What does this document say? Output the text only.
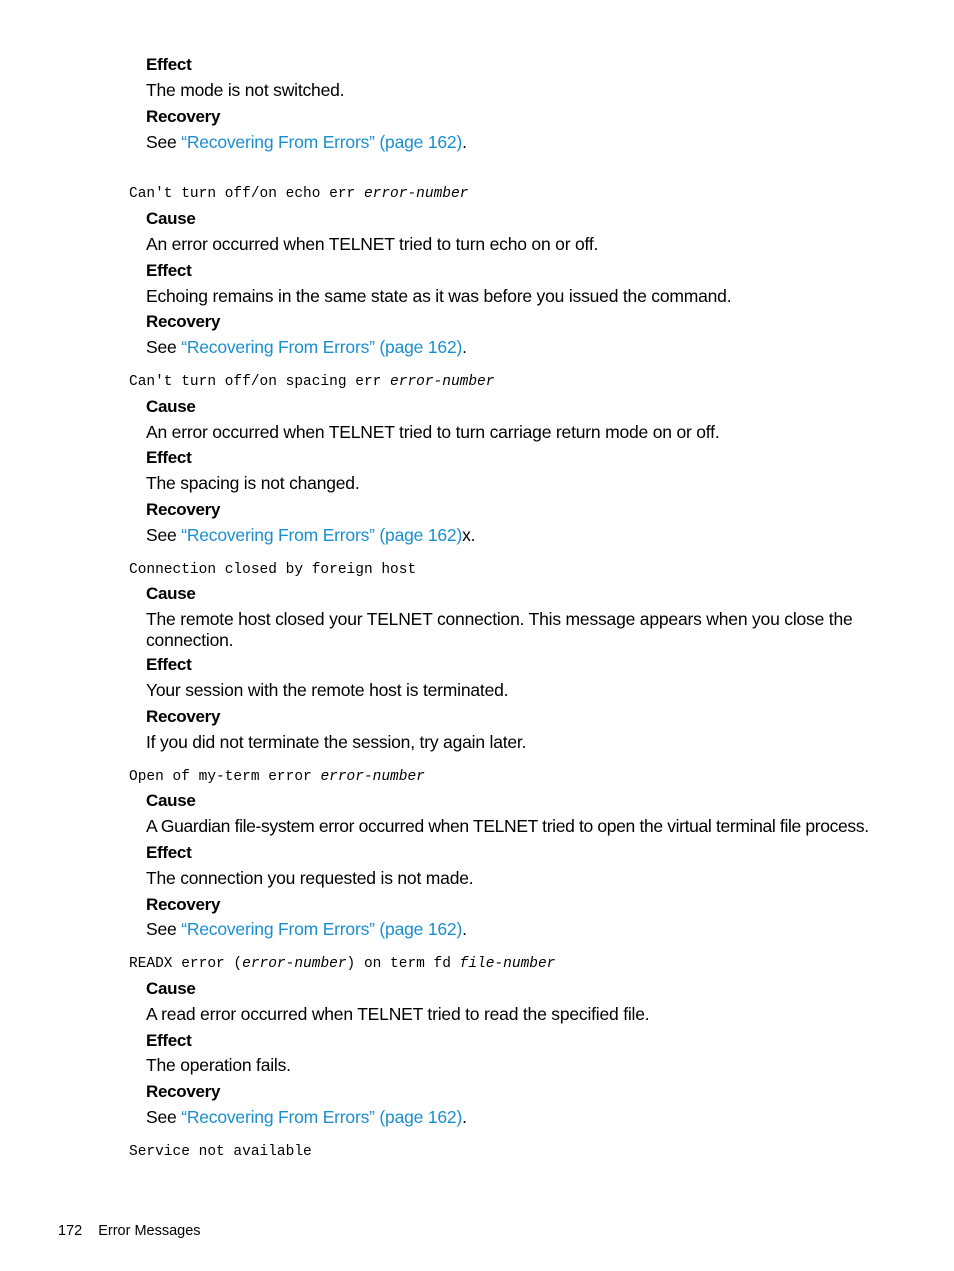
Effect
The mode is not switched.
Recovery
See “Recovering From Errors” (page 162).
Can't turn off/on echo err error-number
Cause
An error occurred when TELNET tried to turn echo on or off.
Effect
Echoing remains in the same state as it was before you issued the command.
Recovery
See “Recovering From Errors” (page 162).
Can't turn off/on spacing err error-number
Cause
An error occurred when TELNET tried to turn carriage return mode on or off.
Effect
The spacing is not changed.
Recovery
See “Recovering From Errors” (page 162)x.
Connection closed by foreign host
Cause
The remote host closed your TELNET connection. This message appears when you close the connection.
Effect
Your session with the remote host is terminated.
Recovery
If you did not terminate the session, try again later.
Open of my-term error error-number
Cause
A Guardian file-system error occurred when TELNET tried to open the virtual terminal file process.
Effect
The connection you requested is not made.
Recovery
See “Recovering From Errors” (page 162).
READX error (error-number) on term fd file-number
Cause
A read error occurred when TELNET tried to read the specified file.
Effect
The operation fails.
Recovery
See “Recovering From Errors” (page 162).
Service not available
172 Error Messages
